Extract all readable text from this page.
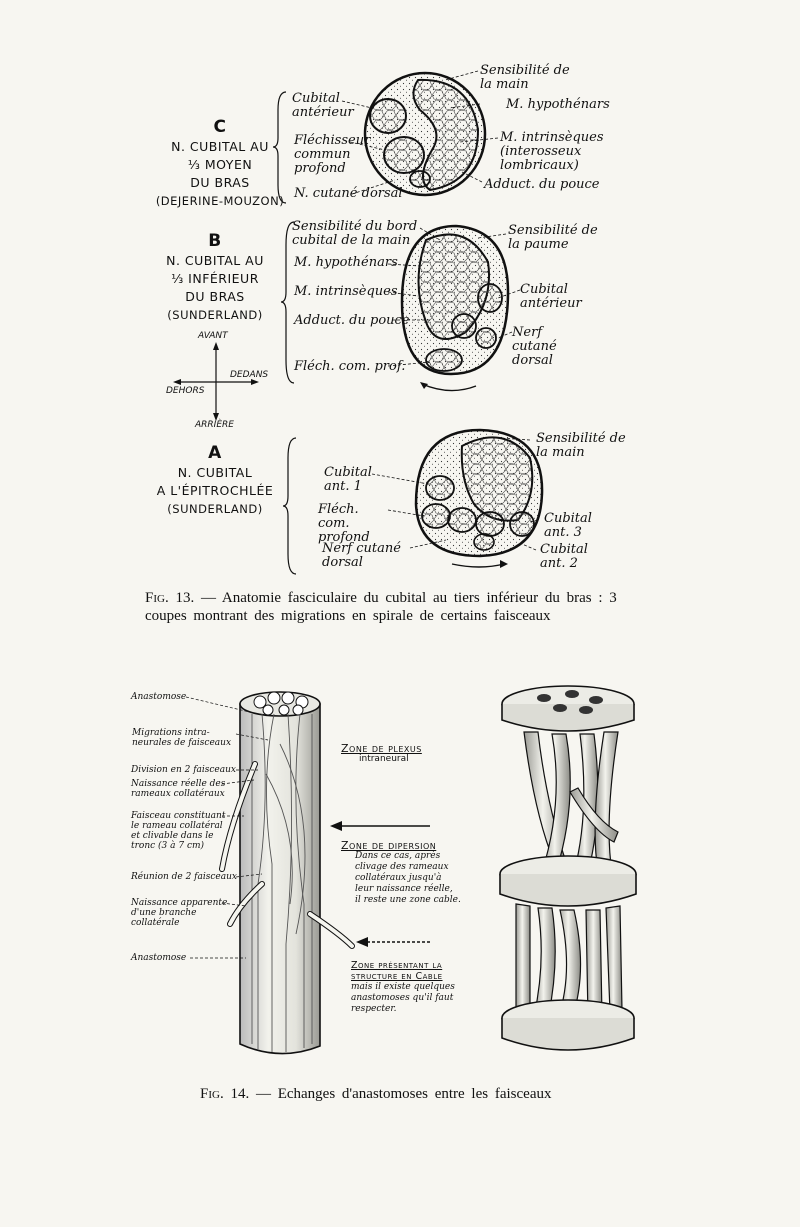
C
N. CUBITAL AU
⅓ MOYEN
DU BRAS
(DEJERINE-MOUZON)
B
N. CUBITAL AU
⅓ INFÉRIEUR
DU BRAS
(SUNDERLAND)
A
N. CUBITAL
A L'ÉPITROCHLÉE
(SUNDERLAND)
AVANT
ARRIÈRE
DEHORS
DEDANS
Cubital antérieur
Fléchisseur commun profond
N. cutané dorsal
Sensibilité de la main
M. hypothénars
M. intrinsèques (interosseux lombricaux)
Adduct. du pouce
Sensibilité du bord cubital de la main
M. hypothénars
M. intrinsèques
Adduct. du pouce
Fléch. com. prof.
Sensibilité de la paume
Cubital antérieur
Nerf cutané dorsal
Cubital ant. 1
Fléch. com. profond
Nerf cutané dorsal
Sensibilité de la main
Cubital ant. 3
Cubital ant. 2
Fig. 13. — Anatomie fasciculaire du cubital au tiers inférieur du bras : 3 coupes montrant des migrations en spirale de certains faisceaux
Anastomose
Migrations intra-neurales de faisceaux
Division en 2 faisceaux
Naissance réelle des rameaux collatéraux
Faisceau constituant le rameau collatéral et clivable dans le tronc (3 à 7 cm)
Réunion de 2 faisceaux
Naissance apparente d'une branche collatérale
Anastomose
Zone de plexus
intraneural
Zone de dipersion
Dans ce cas, après clivage des rameaux collatéraux jusqu'à leur naissance réelle, il reste une zone cable.
Zone présentant la structure en Cable
mais il existe quelques anastomoses qu'il faut respecter.
Fig. 14. — Echanges d'anastomoses entre les faisceaux
